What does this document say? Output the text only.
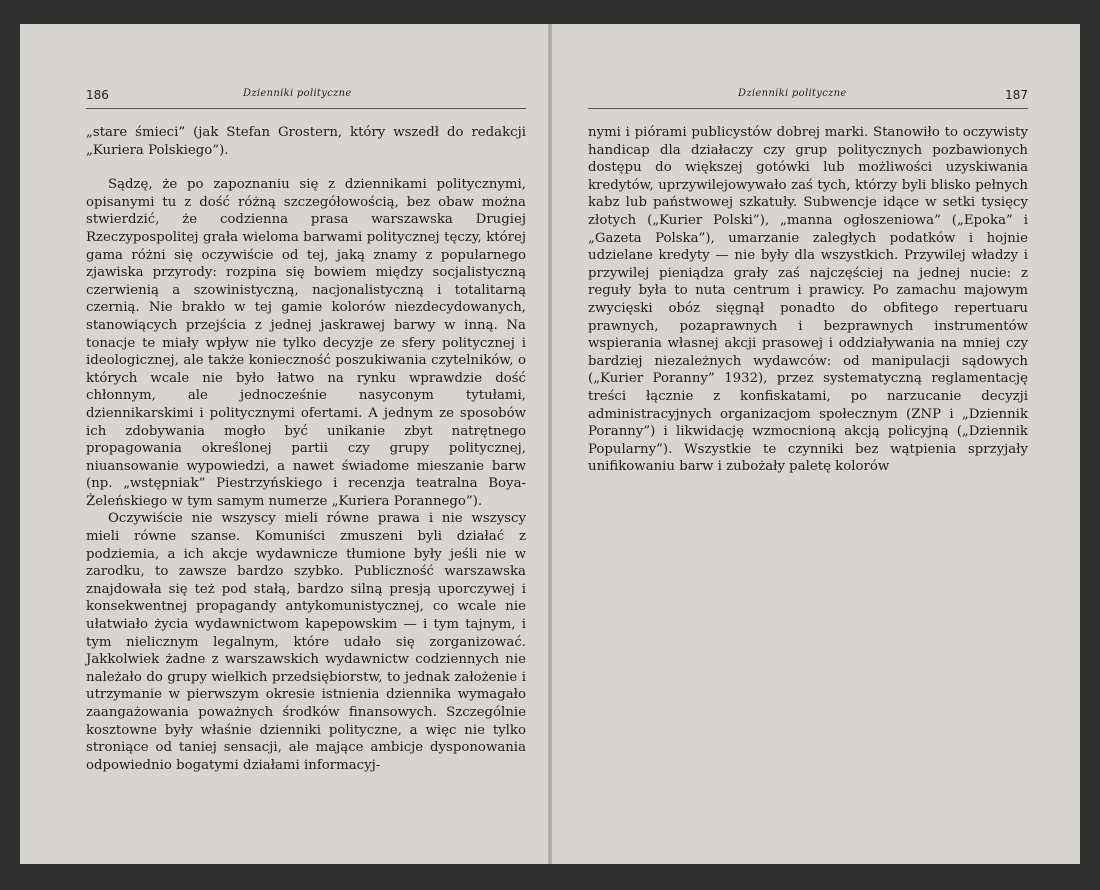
186	Dzienniki polityczne

„stare śmieci” (jak Stefan Grostern, który wszedł do redakcji „Kuriera Polskiego”).

Sądzę, że po zapoznaniu się z dziennikami politycznymi, opisanymi tu z dość różną szczegółowością, bez obaw można stwierdzić, że codzienna prasa warszawska Drugiej Rzeczypospolitej grała wieloma barwami politycznej tęczy, której gama różni się oczywiście od tej, jaką znamy z popularnego zjawiska przyrody: rozpina się bowiem między socjalistyczną czerwienią a szowinistyczną, nacjonalistyczną i totalitarną czernią. Nie brakło w tej gamie kolorów niezdecydowanych, stanowiących przejścia z jednej jaskrawej barwy w inną. Na tonacje te miały wpływ nie tylko decyzje ze sfery politycznej i ideologicznej, ale także konieczność poszukiwania czytelników, o których wcale nie było łatwo na rynku wprawdzie dość chłonnym, ale jednocześnie nasyconym tytułami, dziennikarskimi i politycznymi ofertami. A jednym ze sposobów ich zdobywania mogło być unikanie zbyt natrętnego propagowania określonej partii czy grupy politycznej, niuansowanie wypowiedzi, a nawet świadome mieszanie barw (np. „wstępniak” Piestrzyńskiego i recenzja teatralna Boya-Żeleńskiego w tym samym numerze „Kuriera Porannego”).

Oczywiście nie wszyscy mieli równe prawa i nie wszyscy mieli równe szanse. Komuniści zmuszeni byli działać z podziemia, a ich akcje wydawnicze tłumione były jeśli nie w zarodku, to zawsze bardzo szybko. Publiczność warszawska znajdowała się też pod stałą, bardzo silną presją uporczywej i konsekwentnej propagandy antykomunistycznej, co wcale nie ułatwiało życia wydawnictwom kapepowskim — i tym tajnym, i tym nielicznym legalnym, które udało się zorganizować. Jakkolwiek żadne z warszawskich wydawnictw codziennych nie należało do grupy wielkich przedsiębiorstw, to jednak założenie i utrzymanie w pierwszym okresie istnienia dziennika wymagało zaangażowania poważnych środków finansowych. Szczególnie kosztowne były właśnie dzienniki polityczne, a więc nie tylko stroniące od taniej sensacji, ale mające ambicje dysponowania odpowiednio bogatymi działami informacyj-

Dzienniki polityczne	187

nymi i piórami publicystów dobrej marki. Stanowiło to oczywisty handicap dla działaczy czy grup politycznych pozbawionych dostępu do większej gotówki lub możliwości uzyskiwania kredytów, uprzywilejowywało zaś tych, którzy byli blisko pełnych kabz lub państwowej szkatuły. Subwencje idące w setki tysięcy złotych („Kurier Polski”), „manna ogłoszeniowa” („Epoka” i „Gazeta Polska”), umarzanie zaległych podatków i hojnie udzielane kredyty — nie były dla wszystkich. Przywilej władzy i przywilej pieniądza grały zaś najczęściej na jednej nucie: z reguły była to nuta centrum i prawicy. Po zamachu majowym zwycięski obóz sięgnął ponadto do obfitego repertuaru prawnych, pozaprawnych i bezprawnych instrumentów wspierania własnej akcji prasowej i oddziaływania na mniej czy bardziej niezależnych wydawców: od manipulacji sądowych („Kurier Poranny” 1932), przez systematyczną reglamentację treści łącznie z konfiskatami, po narzucanie decyzji administracyjnych organizacjom społecznym (ZNP i „Dziennik Poranny”) i likwidację wzmocnioną akcją policyjną („Dziennik Popularny”). Wszystkie te czynniki bez wątpienia sprzyjały unifikowaniu barw i zubożały paletę kolorów
